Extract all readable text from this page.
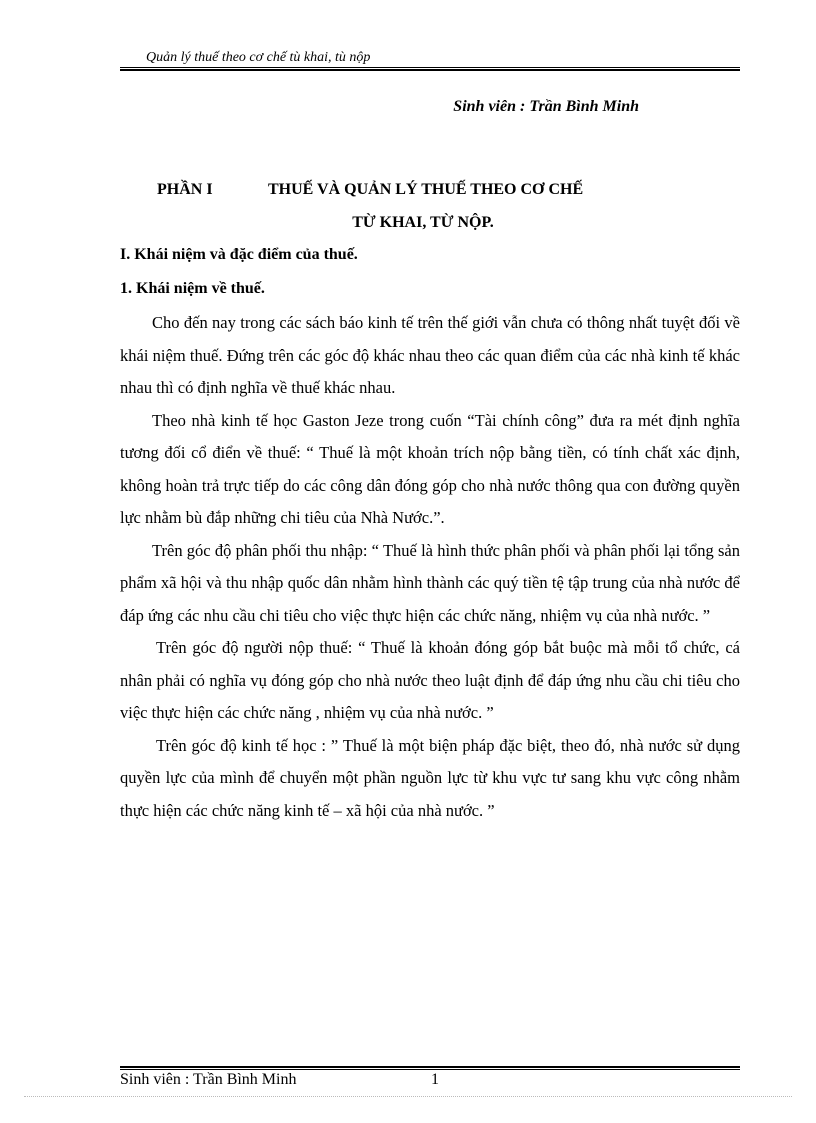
Quản lý thuế theo cơ chế tù khai, tù nộp
Sinh viên : Trần Bình Minh
PHẦN I	THUẾ VÀ QUẢN LÝ THUẾ THEO CƠ CHẾ
TỪ KHAI, TỪ NỘP.
I. Khái niệm và đặc điểm của thuế.
1. Khái niệm về thuế.

Cho đến nay trong các sách báo kinh tế trên thế giới vẫn chưa có thông nhất tuyệt đối về khái niệm thuế. Đứng trên các góc độ khác nhau theo các quan điểm của các nhà kinh tế khác nhau thì có định nghĩa về thuế khác nhau.

Theo nhà kinh tế học Gaston Jeze trong cuốn “Tài chính công” đưa ra mét định nghĩa tương đối cổ điển về thuế: “ Thuế là một khoản trích nộp bằng tiền, có tính chất xác định, không hoàn trả trực tiếp do các công dân đóng góp cho nhà nước thông qua con đường quyền lực nhằm bù đắp những chi tiêu của Nhà Nước.”.

Trên góc độ phân phối thu nhập: “ Thuế là hình thức phân phối và phân phối lại tổng sản phẩm xã hội và thu nhập quốc dân nhằm hình thành các quý tiền tệ tập trung của nhà nước để đáp ứng các nhu cầu chi tiêu cho việc thực hiện các chức năng, nhiệm vụ của nhà nước. ”

Trên góc độ người nộp thuế: “ Thuế là khoản đóng góp bắt buộc mà mỗi tổ chức, cá nhân phải có nghĩa vụ đóng góp cho nhà nước theo luật định để đáp ứng nhu cầu chi tiêu cho việc thực hiện các chức năng , nhiệm vụ của nhà nước. ”

Trên góc độ kinh tế học : ” Thuế là một biện pháp đặc biệt, theo đó, nhà nước sử dụng quyền lực của mình để chuyển một phần nguồn lực từ khu vực tư sang khu vực công nhằm thực hiện các chức năng kinh tế – xã hội của nhà nước. ”

Sinh viên : Trần Bình Minh	1
